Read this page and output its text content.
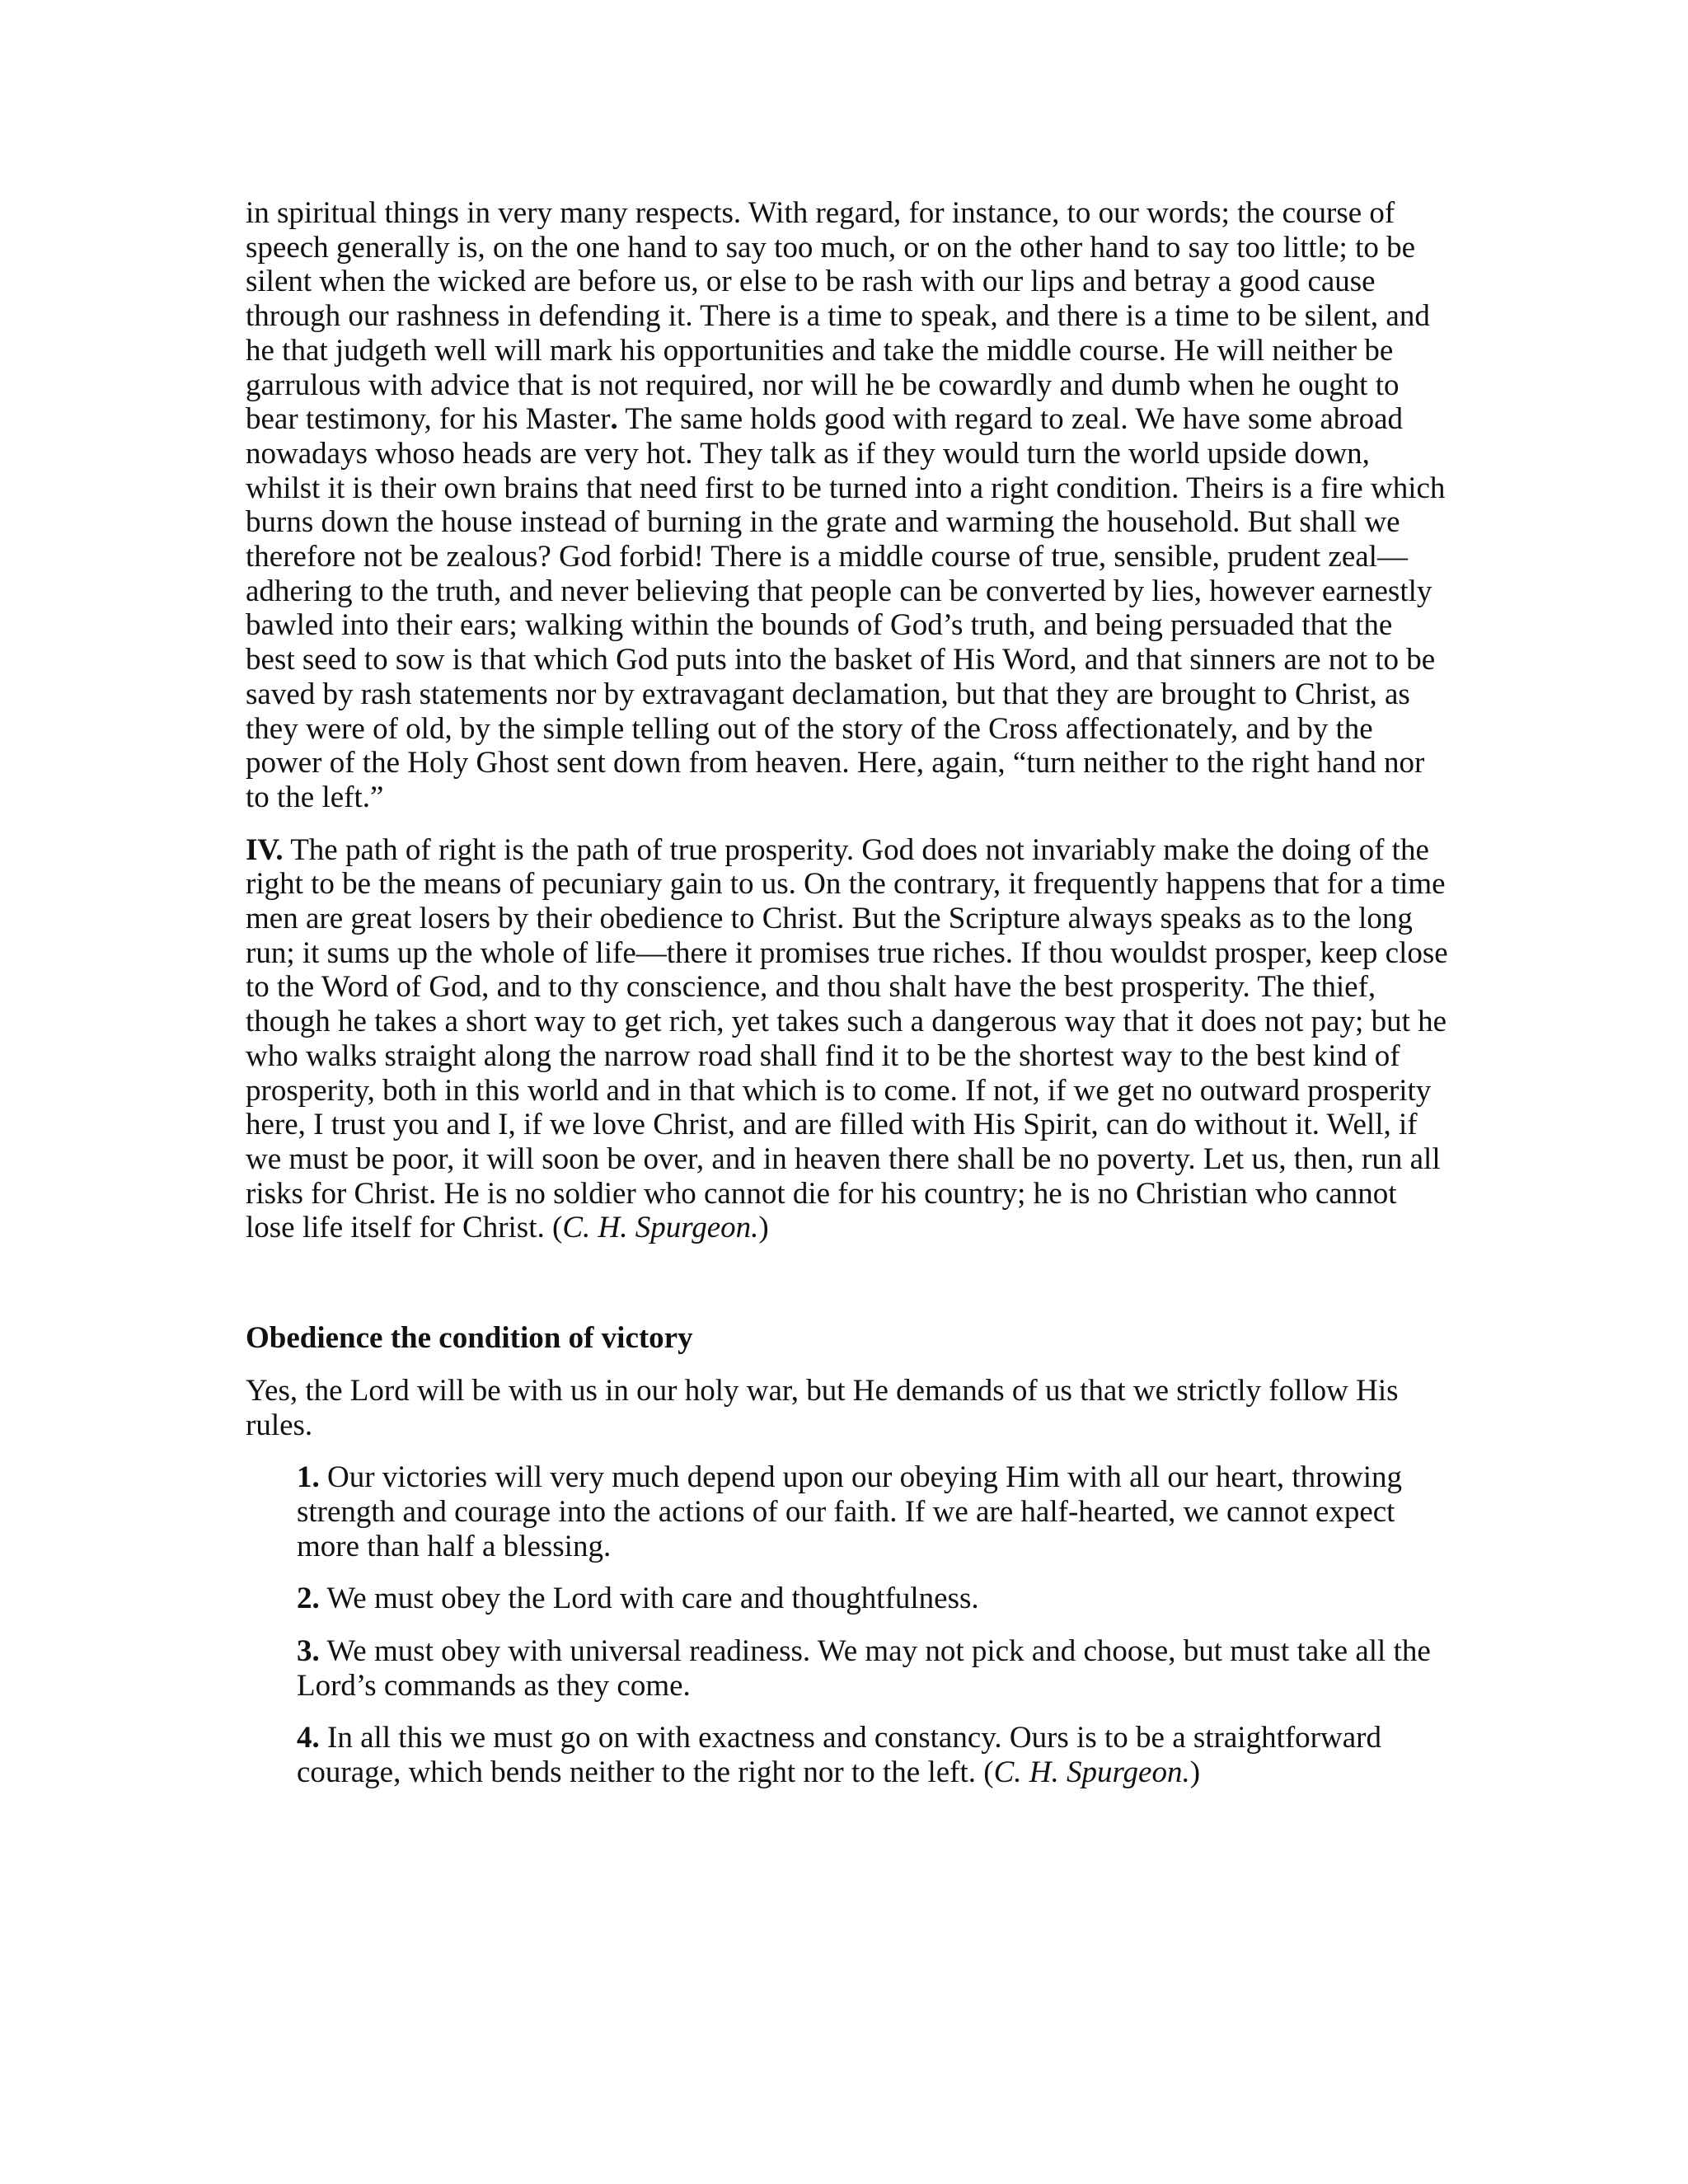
in spiritual things in very many respects. With regard, for instance, to our words; the course of speech generally is, on the one hand to say too much, or on the other hand to say too little; to be silent when the wicked are before us, or else to be rash with our lips and betray a good cause through our rashness in defending it. There is a time to speak, and there is a time to be silent, and he that judgeth well will mark his opportunities and take the middle course. He will neither be garrulous with advice that is not required, nor will he be cowardly and dumb when he ought to bear testimony, for his Master. The same holds good with regard to zeal. We have some abroad nowadays whoso heads are very hot. They talk as if they would turn the world upside down, whilst it is their own brains that need first to be turned into a right condition. Theirs is a fire which burns down the house instead of burning in the grate and warming the household. But shall we therefore not be zealous? God forbid! There is a middle course of true, sensible, prudent zeal—adhering to the truth, and never believing that people can be converted by lies, however earnestly bawled into their ears; walking within the bounds of God’s truth, and being persuaded that the best seed to sow is that which God puts into the basket of His Word, and that sinners are not to be saved by rash statements nor by extravagant declamation, but that they are brought to Christ, as they were of old, by the simple telling out of the story of the Cross affectionately, and by the power of the Holy Ghost sent down from heaven. Here, again, “turn neither to the right hand nor to the left.”

IV. The path of right is the path of true prosperity. God does not invariably make the doing of the right to be the means of pecuniary gain to us. On the contrary, it frequently happens that for a time men are great losers by their obedience to Christ. But the Scripture always speaks as to the long run; it sums up the whole of life—there it promises true riches. If thou wouldst prosper, keep close to the Word of God, and to thy conscience, and thou shalt have the best prosperity. The thief, though he takes a short way to get rich, yet takes such a dangerous way that it does not pay; but he who walks straight along the narrow road shall find it to be the shortest way to the best kind of prosperity, both in this world and in that which is to come. If not, if we get no outward prosperity here, I trust you and I, if we love Christ, and are filled with His Spirit, can do without it. Well, if we must be poor, it will soon be over, and in heaven there shall be no poverty. Let us, then, run all risks for Christ. He is no soldier who cannot die for his country; he is no Christian who cannot lose life itself for Christ. (C. H. Spurgeon.)

Obedience the condition of victory

Yes, the Lord will be with us in our holy war, but He demands of us that we strictly follow His rules.

1. Our victories will very much depend upon our obeying Him with all our heart, throwing strength and courage into the actions of our faith. If we are half-hearted, we cannot expect more than half a blessing.

2. We must obey the Lord with care and thoughtfulness.

3. We must obey with universal readiness. We may not pick and choose, but must take all the Lord’s commands as they come.

4. In all this we must go on with exactness and constancy. Ours is to be a straightforward courage, which bends neither to the right nor to the left. (C. H. Spurgeon.)
